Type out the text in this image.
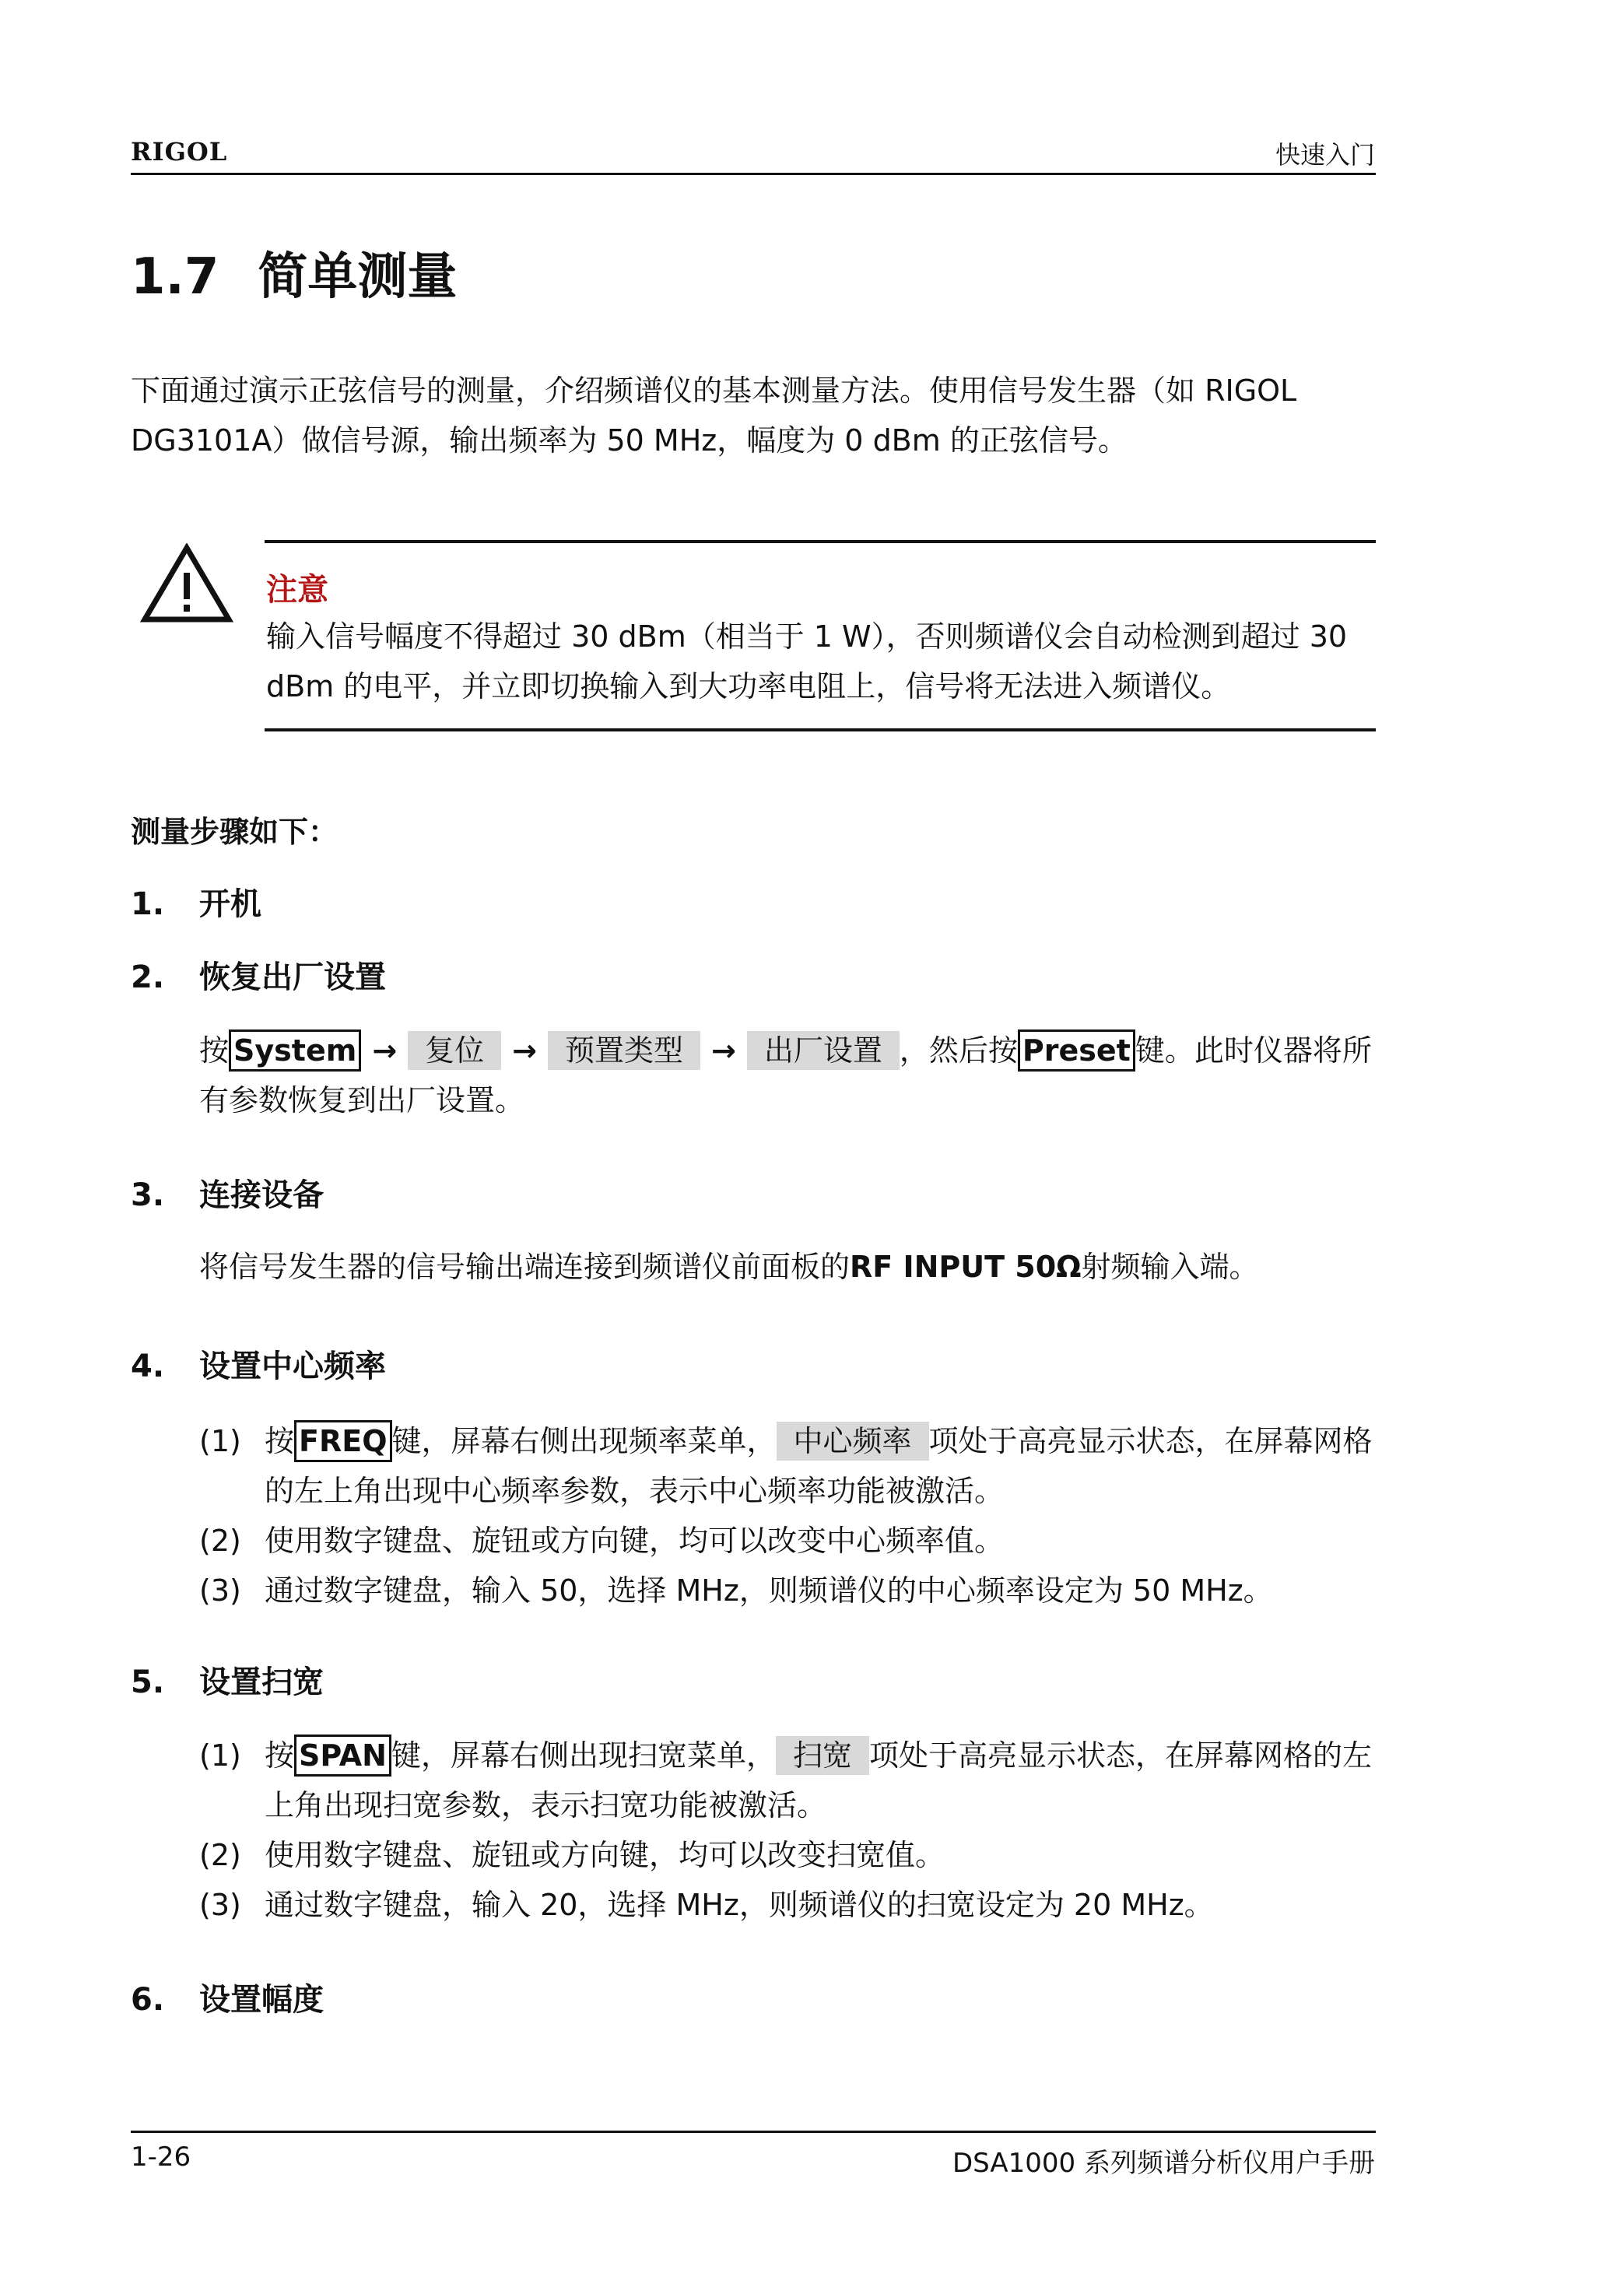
RIGOL	快速入门
1.7 简单测量
下面通过演示正弦信号的测量，介绍频谱仪的基本测量方法。使用信号发生器（如 RIGOL DG3101A）做信号源，输出频率为 50 MHz，幅度为 0 dBm 的正弦信号。
注意
输入信号幅度不得超过 30 dBm（相当于 1 W），否则频谱仪会自动检测到超过 30 dBm 的电平，并立即切换输入到大功率电阻上，信号将无法进入频谱仪。
测量步骤如下：
1. 开机
2. 恢复出厂设置
按 System → 复位 → 预置类型 → 出厂设置 ，然后按 Preset 键。此时仪器将所有参数恢复到出厂设置。
3. 连接设备
将信号发生器的信号输出端连接到频谱仪前面板的RF INPUT 50Ω射频输入端。
4. 设置中心频率
(1) 按 FREQ 键，屏幕右侧出现频率菜单， 中心频率 项处于高亮显示状态，在屏幕网格的左上角出现中心频率参数，表示中心频率功能被激活。
(2) 使用数字键盘、旋钮或方向键，均可以改变中心频率值。
(3) 通过数字键盘，输入 50，选择 MHz，则频谱仪的中心频率设定为 50 MHz。
5. 设置扫宽
(1) 按 SPAN 键，屏幕右侧出现扫宽菜单， 扫宽 项处于高亮显示状态，在屏幕网格的左上角出现扫宽参数，表示扫宽功能被激活。
(2) 使用数字键盘、旋钮或方向键，均可以改变扫宽值。
(3) 通过数字键盘，输入 20，选择 MHz，则频谱仪的扫宽设定为 20 MHz。
6. 设置幅度
1-26	DSA1000 系列频谱分析仪用户手册
